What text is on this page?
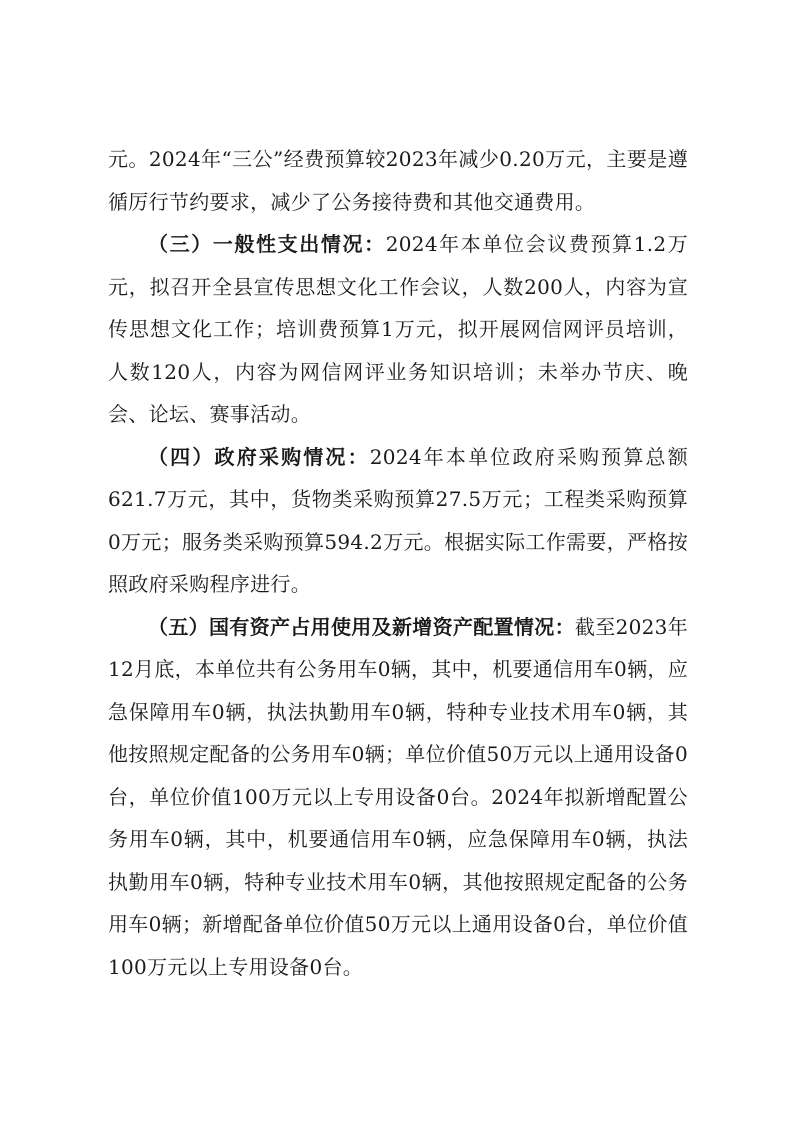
元。2024年“三公”经费预算较2023年减少0.20万元，主要是遵循厉行节约要求，减少了公务接待费和其他交通费用。

（三）一般性支出情况：2024年本单位会议费预算1.2万元，拟召开全县宣传思想文化工作会议，人数200人，内容为宣传思想文化工作；培训费预算1万元，拟开展网信网评员培训，人数120人，内容为网信网评业务知识培训；未举办节庆、晚会、论坛、赛事活动。

（四）政府采购情况：2024年本单位政府采购预算总额621.7万元，其中，货物类采购预算27.5万元；工程类采购预算0万元；服务类采购预算594.2万元。根据实际工作需要，严格按照政府采购程序进行。

（五）国有资产占用使用及新增资产配置情况：截至2023年12月底，本单位共有公务用车0辆，其中，机要通信用车0辆，应急保障用车0辆，执法执勤用车0辆，特种专业技术用车0辆，其他按照规定配备的公务用车0辆；单位价值50万元以上通用设备0台，单位价值100万元以上专用设备0台。2024年拟新增配置公务用车0辆，其中，机要通信用车0辆，应急保障用车0辆，执法执勤用车0辆，特种专业技术用车0辆，其他按照规定配备的公务用车0辆；新增配备单位价值50万元以上通用设备0台，单位价值100万元以上专用设备0台。
